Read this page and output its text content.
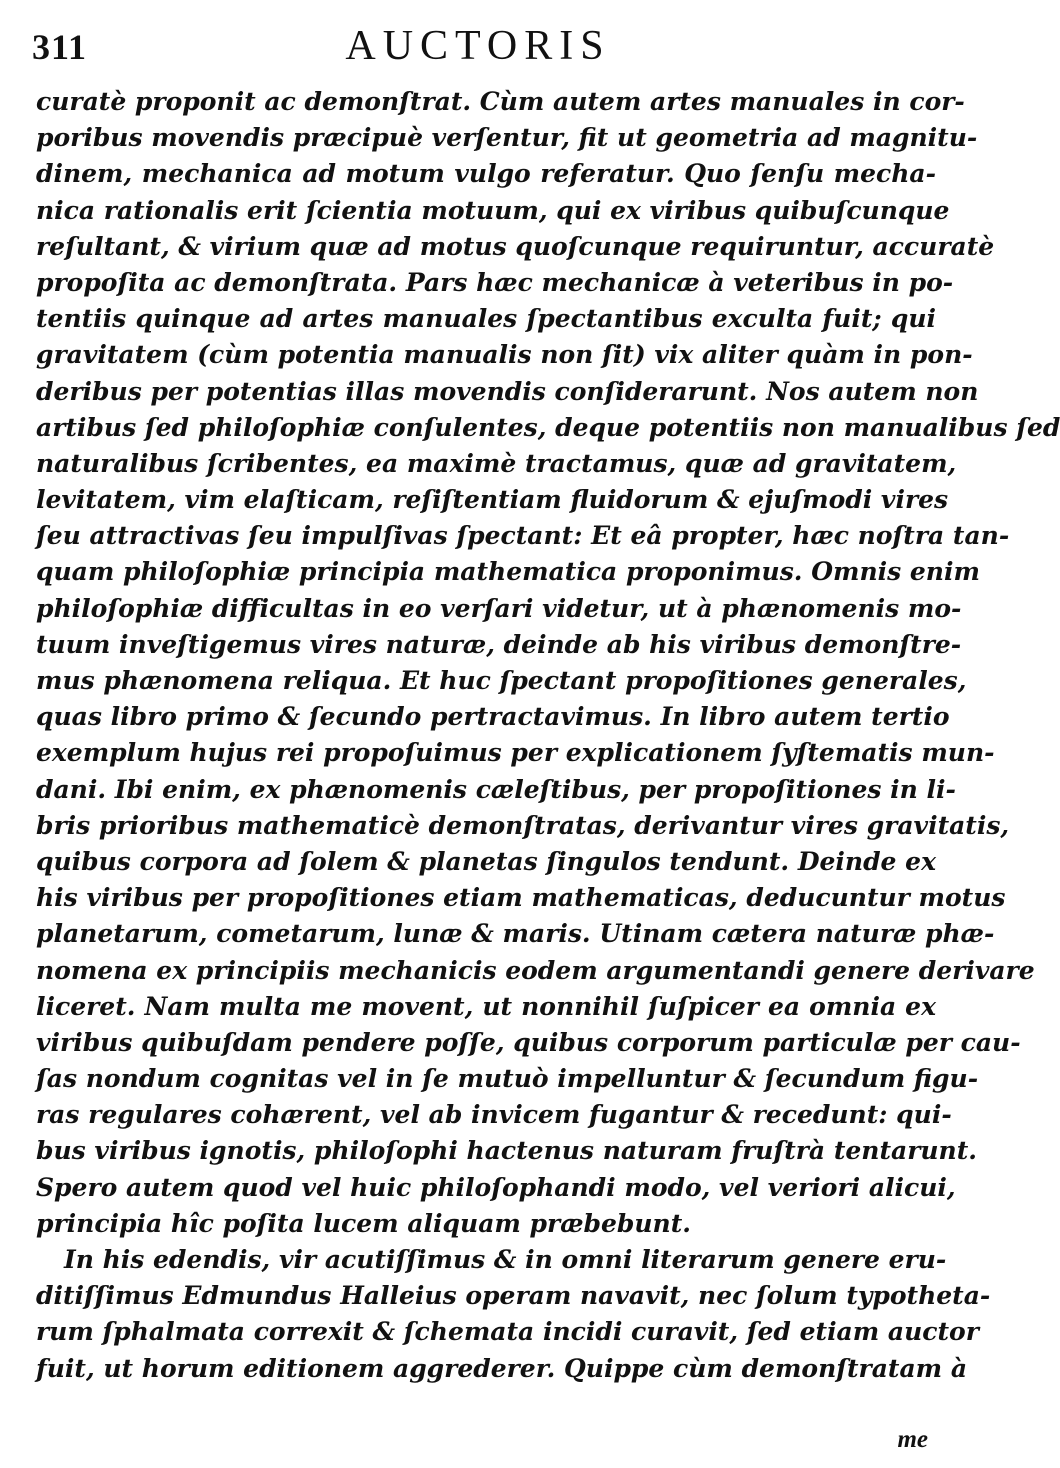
311	AUCTORIS
curatè proponit ac demonſtrat. Cùm autem artes manuales in cor-
poribus movendis præcipuè verſentur, fit ut geometria ad magnitu-
dinem, mechanica ad motum vulgo referatur. Quo ſenſu mecha-
nica rationalis erit ſcientia motuum, qui ex viribus quibuſcunque
reſultant, & virium quæ ad motus quoſcunque requiruntur, accuratè
propoſita ac demonſtrata. Pars hæc mechanicæ à veteribus in po-
tentiis quinque ad artes manuales ſpectantibus exculta fuit; qui
gravitatem (cùm potentia manualis non ſit) vix aliter quàm in pon-
deribus per potentias illas movendis conſiderarunt. Nos autem non
artibus ſed philoſophiæ conſulentes, deque potentiis non manualibus ſed
naturalibus ſcribentes, ea maximè tractamus, quæ ad gravitatem,
levitatem, vim elaſticam, reſiſtentiam fluidorum & ejuſmodi vires
ſeu attractivas ſeu impulſivas ſpectant: Et eâ propter, hæc noſtra tan-
quam philoſophiæ principia mathematica proponimus. Omnis enim
philoſophiæ difficultas in eo verſari videtur, ut à phænomenis mo-
tuum inveſtigemus vires naturæ, deinde ab his viribus demonſtre-
mus phænomena reliqua. Et huc ſpectant propoſitiones generales,
quas libro primo & ſecundo pertractavimus. In libro autem tertio
exemplum hujus rei propoſuimus per explicationem ſyſtematis mun-
dani. Ibi enim, ex phænomenis cæleſtibus, per propoſitiones in li-
bris prioribus mathematicè demonſtratas, derivantur vires gravitatis,
quibus corpora ad ſolem & planetas ſingulos tendunt. Deinde ex
his viribus per propoſitiones etiam mathematicas, deducuntur motus
planetarum, cometarum, lunæ & maris. Utinam cætera naturæ phæ-
nomena ex principiis mechanicis eodem argumentandi genere derivare
liceret. Nam multa me movent, ut nonnihil ſuſpicer ea omnia ex
viribus quibuſdam pendere poſſe, quibus corporum particulæ per cau-
ſas nondum cognitas vel in ſe mutuò impelluntur & ſecundum figu-
ras regulares cohærent, vel ab invicem fugantur & recedunt: qui-
bus viribus ignotis, philoſophi hactenus naturam fruſtrà tentarunt.
Spero autem quod vel huic philoſophandi modo, vel veriori alicui,
principia hîc poſita lucem aliquam præbebunt.
In his edendis, vir acutiſſimus & in omni literarum genere eru-
ditiſſimus Edmundus Halleius operam navavit, nec ſolum typotheta-
rum ſphalmata correxit & ſchemata incidi curavit, ſed etiam auctor
fuit, ut horum editionem aggrederer. Quippe cùm demonſtratam à
me
